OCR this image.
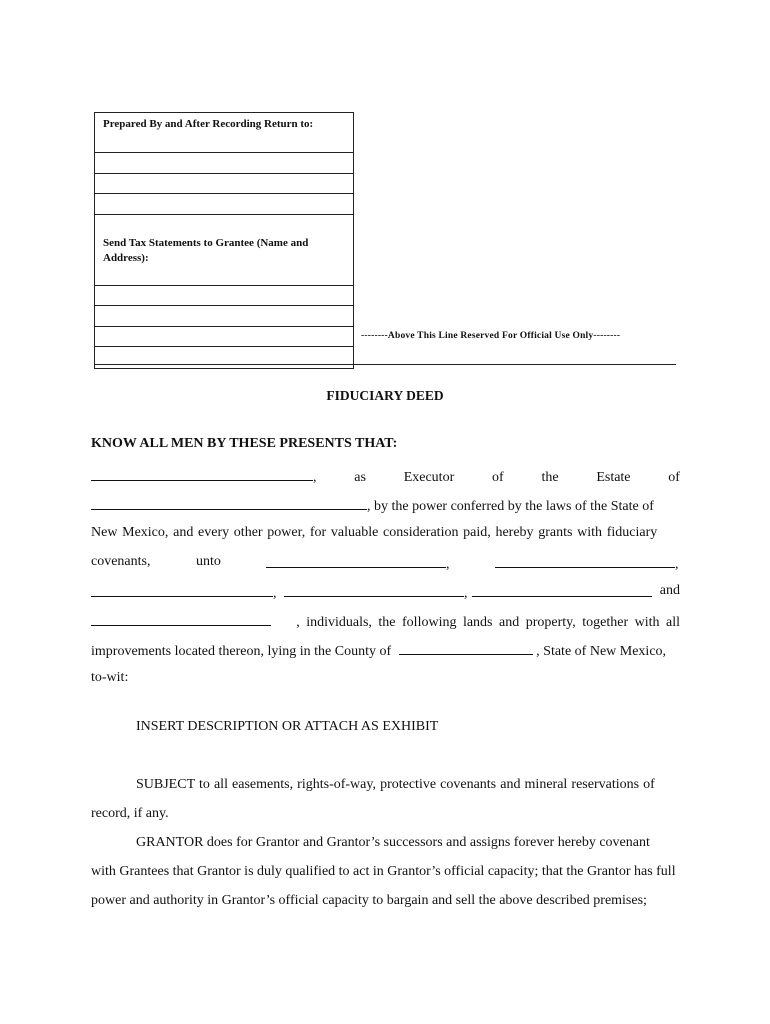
Prepared By and After Recording Return to:
Send Tax Statements to Grantee (Name and Address):
--------Above This Line Reserved For Official Use Only--------
FIDUCIARY DEED
KNOW ALL MEN BY THESE PRESENTS THAT:
,	as	Executor	of	the	Estate	of
, by the power conferred by the laws of the State of
New Mexico, and every other power, for valuable consideration paid, hereby grants with fiduciary
covenants,	unto	,	,
,	,	and
, individuals, the following lands and property, together with all
improvements located thereon, lying in the County of	, State of New Mexico,
to-wit:
INSERT DESCRIPTION OR ATTACH AS EXHIBIT
SUBJECT to all easements, rights-of-way, protective covenants and mineral reservations of
record, if any.
GRANTOR does for Grantor and Grantor’s successors and assigns forever hereby covenant
with Grantees that Grantor is duly qualified to act in Grantor’s official capacity; that the Grantor has full
power and authority in Grantor’s official capacity to bargain and sell the above described premises;
